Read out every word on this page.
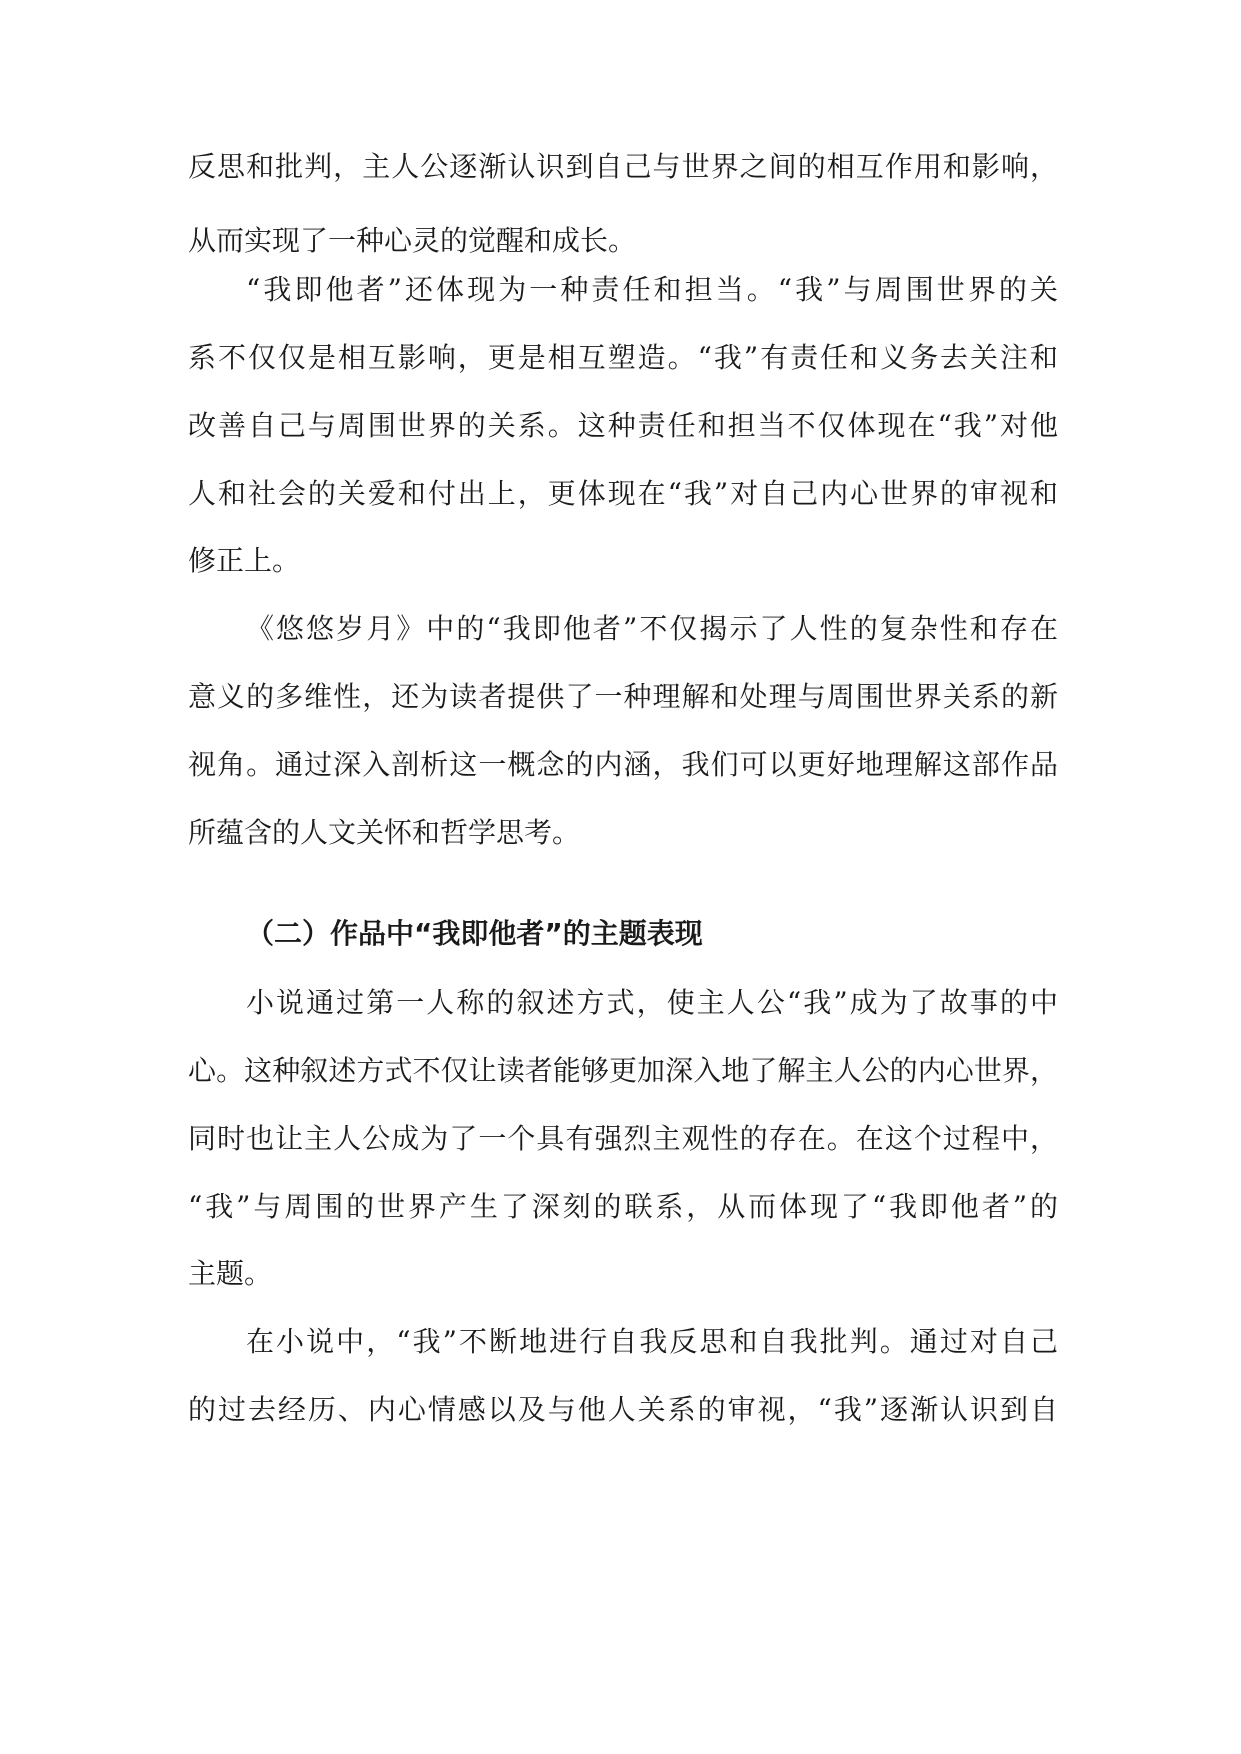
反思和批判，主人公逐渐认识到自己与世界之间的相互作用和影响，
从而实现了一种心灵的觉醒和成长。
“我即他者”还体现为一种责任和担当。“我”与周围世界的关
系不仅仅是相互影响，更是相互塑造。“我”有责任和义务去关注和
改善自己与周围世界的关系。这种责任和担当不仅体现在“我”对他
人和社会的关爱和付出上，更体现在“我”对自己内心世界的审视和
修正上。
《悠悠岁月》中的“我即他者”不仅揭示了人性的复杂性和存在
意义的多维性，还为读者提供了一种理解和处理与周围世界关系的新
视角。通过深入剖析这一概念的内涵，我们可以更好地理解这部作品
所蕴含的人文关怀和哲学思考。
（二）作品中“我即他者”的主题表现
小说通过第一人称的叙述方式，使主人公“我”成为了故事的中
心。这种叙述方式不仅让读者能够更加深入地了解主人公的内心世界，
同时也让主人公成为了一个具有强烈主观性的存在。在这个过程中，
“我”与周围的世界产生了深刻的联系，从而体现了“我即他者”的
主题。
在小说中，“我”不断地进行自我反思和自我批判。通过对自己
的过去经历、内心情感以及与他人关系的审视，“我”逐渐认识到自
